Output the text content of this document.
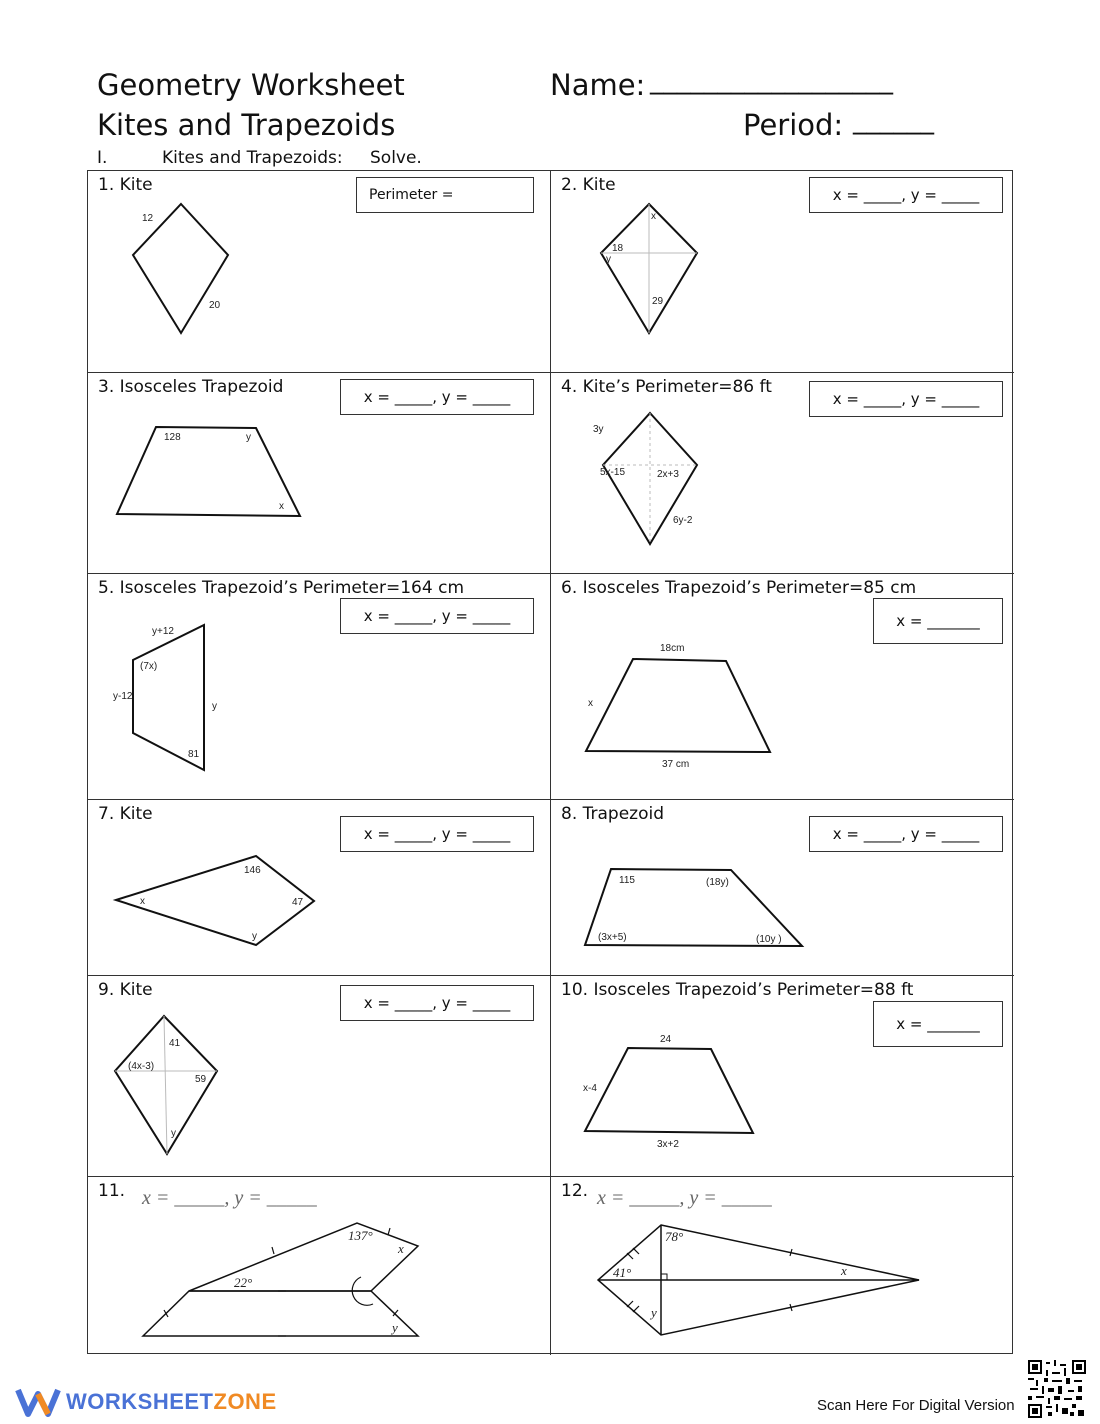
Geometry Worksheet
Kites and Trapezoids
Name: __________________
Period: ______
I.	Kites and Trapezoids: Solve.
1. Kite	Perimeter =
12
20
2. Kite	x = _____, y = _____
x
18
y
29
3. Isosceles Trapezoid	x = _____, y = _____
128	y
x
4. Kite’s Perimeter=86 ft
x = _____, y = _____
3y
5x-15	2x+3
6y-2
5. Isosceles Trapezoid’s Perimeter=164 cm
x = _____, y = _____
y+12
(7x)
y-12
y
81
6. Isosceles Trapezoid’s Perimeter=85 cm
x = _______
18cm
x
37 cm
7. Kite
x = _____, y = _____
146
x	47
y
8. Trapezoid
x = _____, y = _____
115	(18y)
(3x+5)	(10y )
9. Kite
x = _____, y = _____
41
(4x-3)
59
y
10. Isosceles Trapezoid’s Perimeter=88 ft
x = _______
24
x-4
3x+2
11. x = _____, y = _____
137°
x
22°
y
12. x = _____, y = _____
78°
41°	x
y
WORKSHEET ZONE	Scan Here For Digital Version
